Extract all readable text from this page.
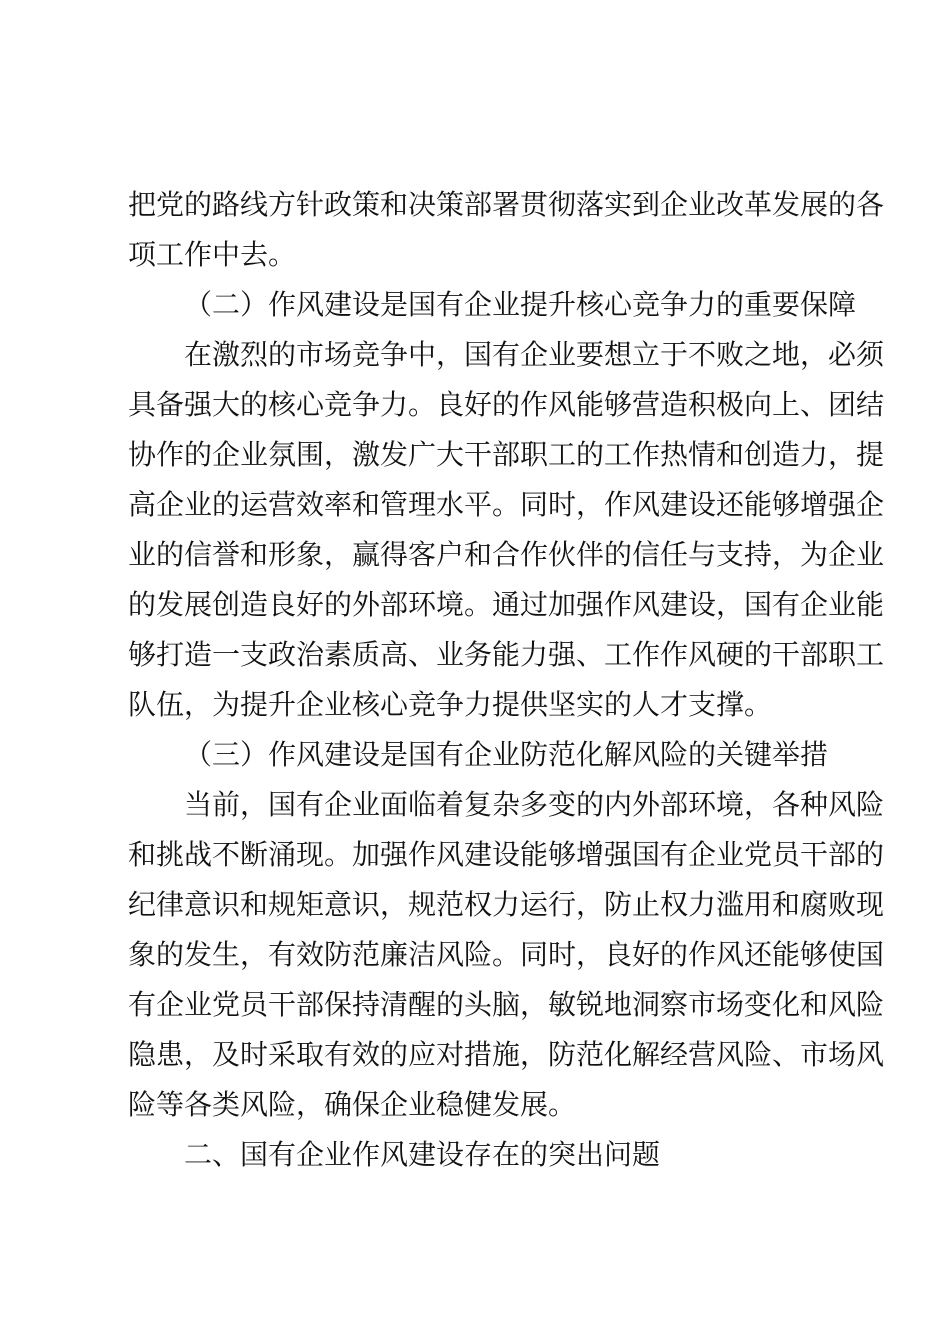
把党的路线方针政策和决策部署贯彻落实到企业改革发展的各
项工作中去。
（二）作风建设是国有企业提升核心竞争力的重要保障
在激烈的市场竞争中，国有企业要想立于不败之地，必须
具备强大的核心竞争力。良好的作风能够营造积极向上、团结
协作的企业氛围，激发广大干部职工的工作热情和创造力，提
高企业的运营效率和管理水平。同时，作风建设还能够增强企
业的信誉和形象，赢得客户和合作伙伴的信任与支持，为企业
的发展创造良好的外部环境。通过加强作风建设，国有企业能
够打造一支政治素质高、业务能力强、工作作风硬的干部职工
队伍，为提升企业核心竞争力提供坚实的人才支撑。
（三）作风建设是国有企业防范化解风险的关键举措
当前，国有企业面临着复杂多变的内外部环境，各种风险
和挑战不断涌现。加强作风建设能够增强国有企业党员干部的
纪律意识和规矩意识，规范权力运行，防止权力滥用和腐败现
象的发生，有效防范廉洁风险。同时，良好的作风还能够使国
有企业党员干部保持清醒的头脑，敏锐地洞察市场变化和风险
隐患，及时采取有效的应对措施，防范化解经营风险、市场风
险等各类风险，确保企业稳健发展。
二、国有企业作风建设存在的突出问题
